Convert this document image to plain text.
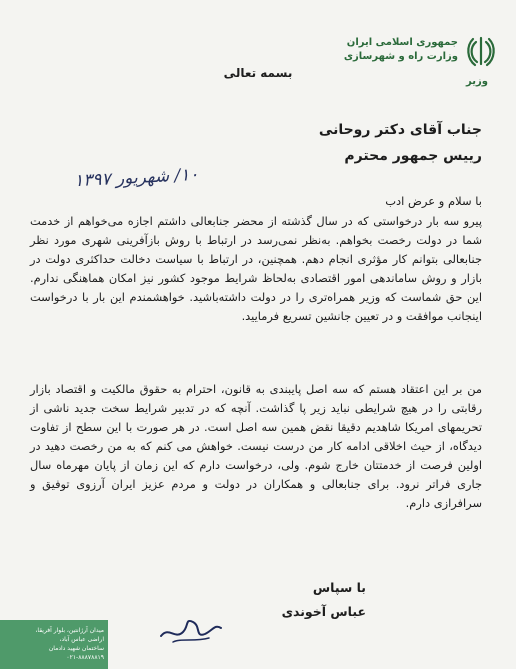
جمهوری اسلامی ایران
وزارت راه و شهرسازی
وزیر
بسمه تعالی
جناب آقای دکتر روحانی
رییس جمهور محترم
۱۰/ شهریور ۱۳۹۷
با سلام و عرض ادب
پیرو سه بار درخواستی که در سال گذشته از محضر جنابعالی داشتم اجازه می‌خواهم از خدمت شما در دولت رخصت بخواهم. به‌نظر نمی‌رسد در ارتباط با روش بازآفرینی شهری مورد نظر جنابعالی بتوانم کار مؤثری انجام دهم. همچنین، در ارتباط با سیاست دخالت حداکثری دولت در بازار و روش ساماندهی امور اقتصادی به‌لحاظ شرایط موجود کشور نیز امکان هماهنگی ندارم. این حق شماست که وزیر همراه‌تری را در دولت داشته‌باشید. خواهشمندم این بار با درخواست اینجانب موافقت و در تعیین جانشین تسریع فرمایید.
من بر این اعتقاد هستم که سه اصل پایبندی به قانون، احترام به حقوق مالکیت و اقتصاد بازار رقابتی را در هیچ شرایطی نباید زیر پا گذاشت. آنچه که در تدبیر شرایط سخت جدید ناشی از تحریمهای امریکا شاهدیم دقیقا نقض همین سه اصل است. در هر صورت با این سطح از تفاوت دیدگاه، از حیث اخلاقی ادامه کار من درست نیست. خواهش می کنم که به من رخصت دهید در اولین فرصت از خدمتتان خارج شوم. ولی، درخواست دارم که این زمان از پایان مهرماه سال جاری فراتر نرود. برای جنابعالی و همکاران در دولت و مردم عزیز ایران آرزوی توفیق و سرافرازی دارم.
با سپاس
عباس آخوندی
میدان آرژانتین، بلوار آفریقا،
اراضی عباس آباد،
ساختمان شهید دادمان
۰۲۱-۸۸۸۷۸۸۱۹
